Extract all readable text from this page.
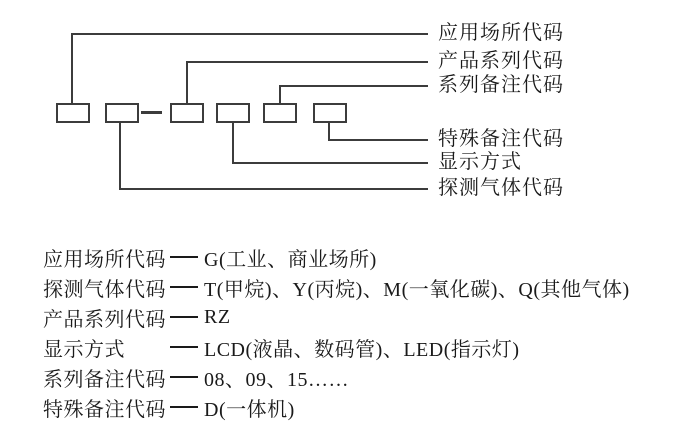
应用场所代码
产品系列代码
系列备注代码
特殊备注代码
显示方式
探测气体代码
应用场所代码 G(工业、商业场所)
探测气体代码 T(甲烷)、Y(丙烷)、M(一氧化碳)、Q(其他气体)
产品系列代码 RZ
显示方式	LCD(液晶、数码管)、LED(指示灯)
系列备注代码 08、09、15……
特殊备注代码 D(一体机)
